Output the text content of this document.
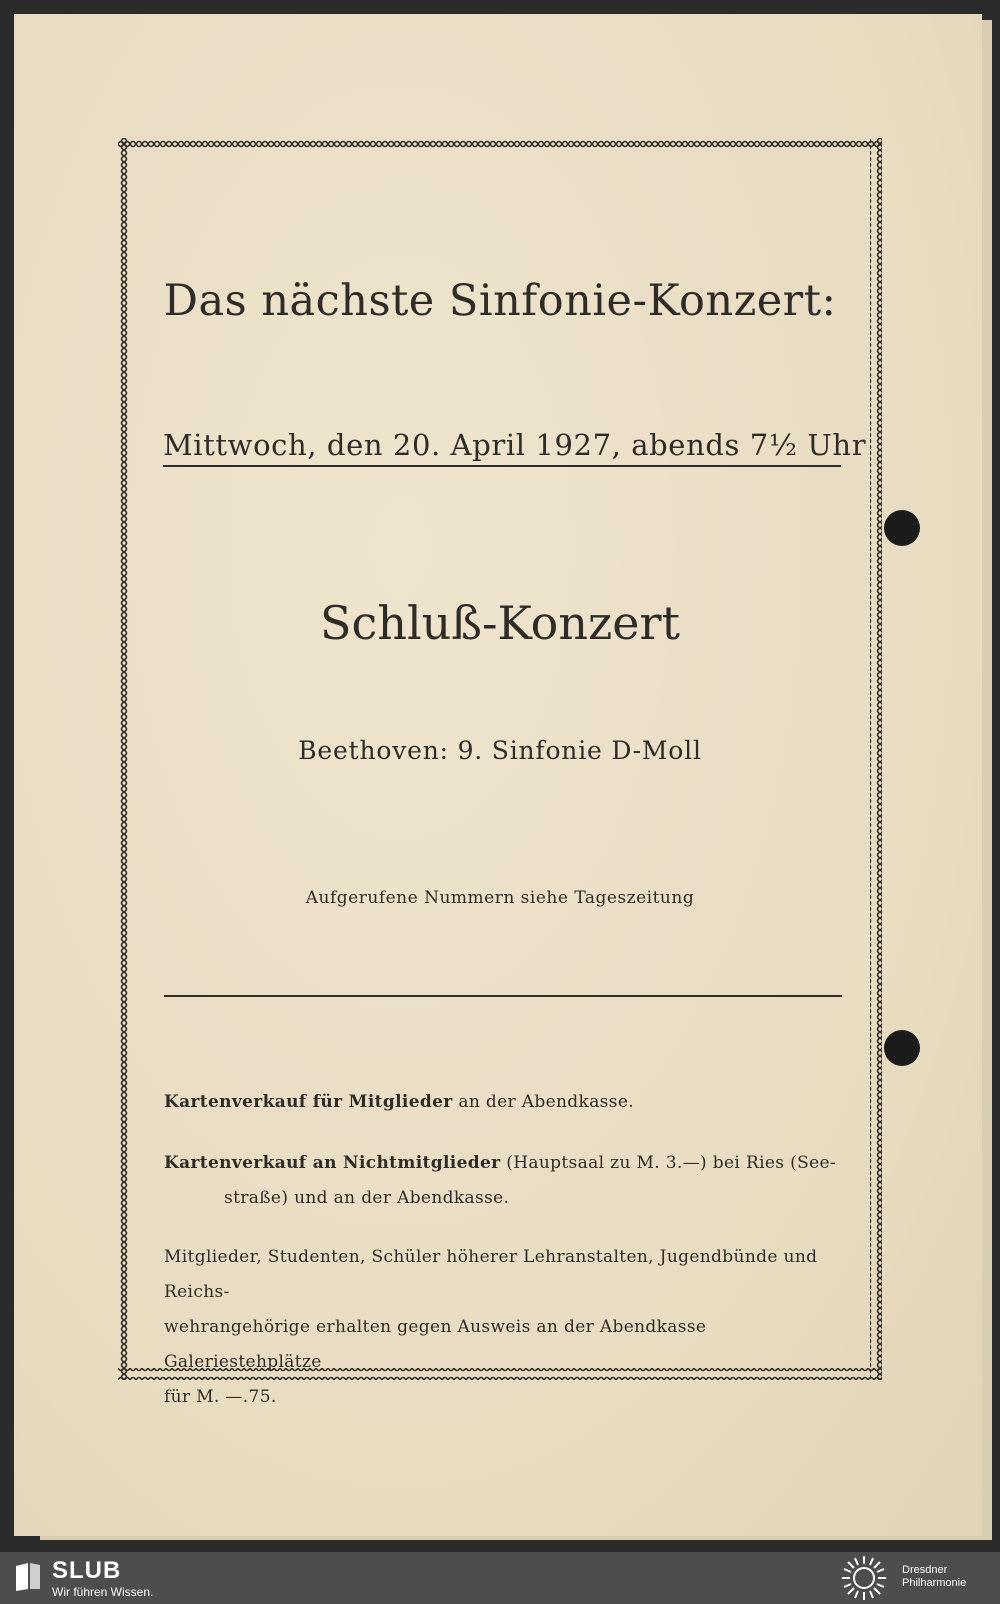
Das nächste Sinfonie-Konzert:
Mittwoch, den 20. April 1927, abends 7½ Uhr
Schluß-Konzert
Beethoven: 9. Sinfonie D-Moll
Aufgerufene Nummern siehe Tageszeitung
Kartenverkauf für Mitglieder an der Abendkasse.
Kartenverkauf an Nichtmitglieder (Hauptsaal zu M. 3.—) bei Ries (See-
straße) und an der Abendkasse.
Mitglieder, Studenten, Schüler höherer Lehranstalten, Jugendbünde und Reichs-
wehrangehörige erhalten gegen Ausweis an der Abendkasse Galeriestehplätze
für M. —.75.
SLUB
Wir führen Wissen.
Dresdner
Philharmonie
